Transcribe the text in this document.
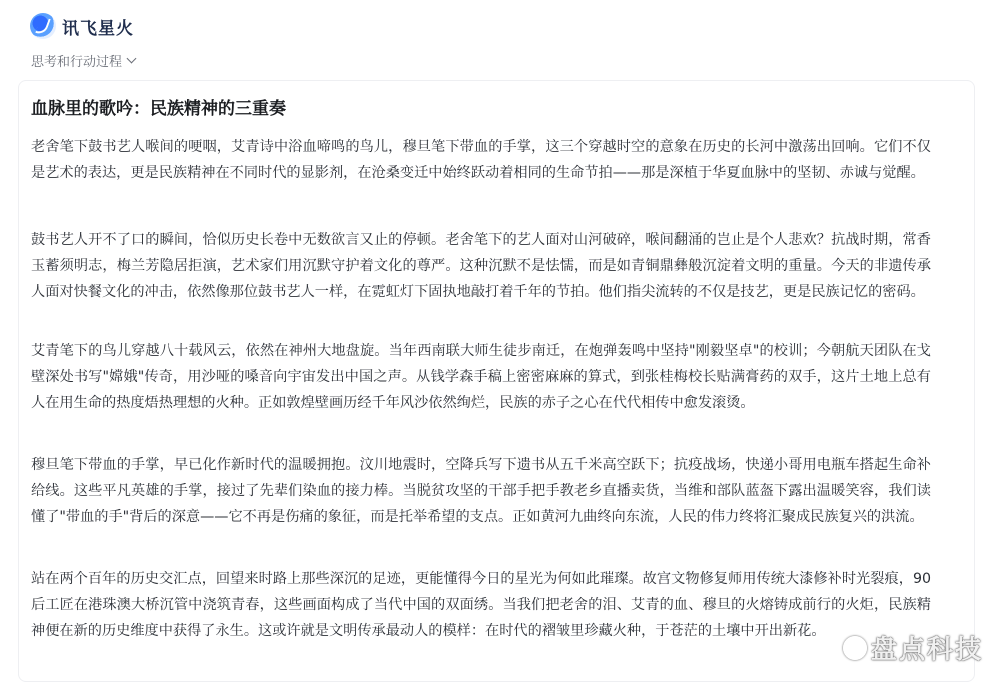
讯飞星火
思考和行动过程
血脉里的歌吟：民族精神的三重奏

老舍笔下鼓书艺人喉间的哽咽，艾青诗中浴血啼鸣的鸟儿，穆旦笔下带血的手掌，这三个穿越时空的意象在历史的长河中激荡出回响。它们不仅是艺术的表达，更是民族精神在不同时代的显影剂，在沧桑变迁中始终跃动着相同的生命节拍——那是深植于华夏血脉中的坚韧、赤诚与觉醒。

鼓书艺人开不了口的瞬间，恰似历史长卷中无数欲言又止的停顿。老舍笔下的艺人面对山河破碎，喉间翻涌的岂止是个人悲欢？抗战时期，常香玉蓄须明志，梅兰芳隐居拒演，艺术家们用沉默守护着文化的尊严。这种沉默不是怯懦，而是如青铜鼎彝般沉淀着文明的重量。今天的非遗传承人面对快餐文化的冲击，依然像那位鼓书艺人一样，在霓虹灯下固执地敲打着千年的节拍。他们指尖流转的不仅是技艺，更是民族记忆的密码。

艾青笔下的鸟儿穿越八十载风云，依然在神州大地盘旋。当年西南联大师生徒步南迁，在炮弹轰鸣中坚持"刚毅坚卓"的校训；今朝航天团队在戈壁深处书写"嫦娥"传奇，用沙哑的嗓音向宇宙发出中国之声。从钱学森手稿上密密麻麻的算式，到张桂梅校长贴满膏药的双手，这片土地上总有人在用生命的热度焐热理想的火种。正如敦煌壁画历经千年风沙依然绚烂，民族的赤子之心在代代相传中愈发滚烫。

穆旦笔下带血的手掌，早已化作新时代的温暖拥抱。汶川地震时，空降兵写下遗书从五千米高空跃下；抗疫战场，快递小哥用电瓶车搭起生命补给线。这些平凡英雄的手掌，接过了先辈们染血的接力棒。当脱贫攻坚的干部手把手教老乡直播卖货，当维和部队蓝盔下露出温暖笑容，我们读懂了"带血的手"背后的深意——它不再是伤痛的象征，而是托举希望的支点。正如黄河九曲终向东流，人民的伟力终将汇聚成民族复兴的洪流。

站在两个百年的历史交汇点，回望来时路上那些深沉的足迹，更能懂得今日的星光为何如此璀璨。故宫文物修复师用传统大漆修补时光裂痕，90后工匠在港珠澳大桥沉管中浇筑青春，这些画面构成了当代中国的双面绣。当我们把老舍的泪、艾青的血、穆旦的火熔铸成前行的火炬，民族精神便在新的历史维度中获得了永生。这或许就是文明传承最动人的模样：在时代的褶皱里珍藏火种，于苍茫的土壤中开出新花。

盘点科技
